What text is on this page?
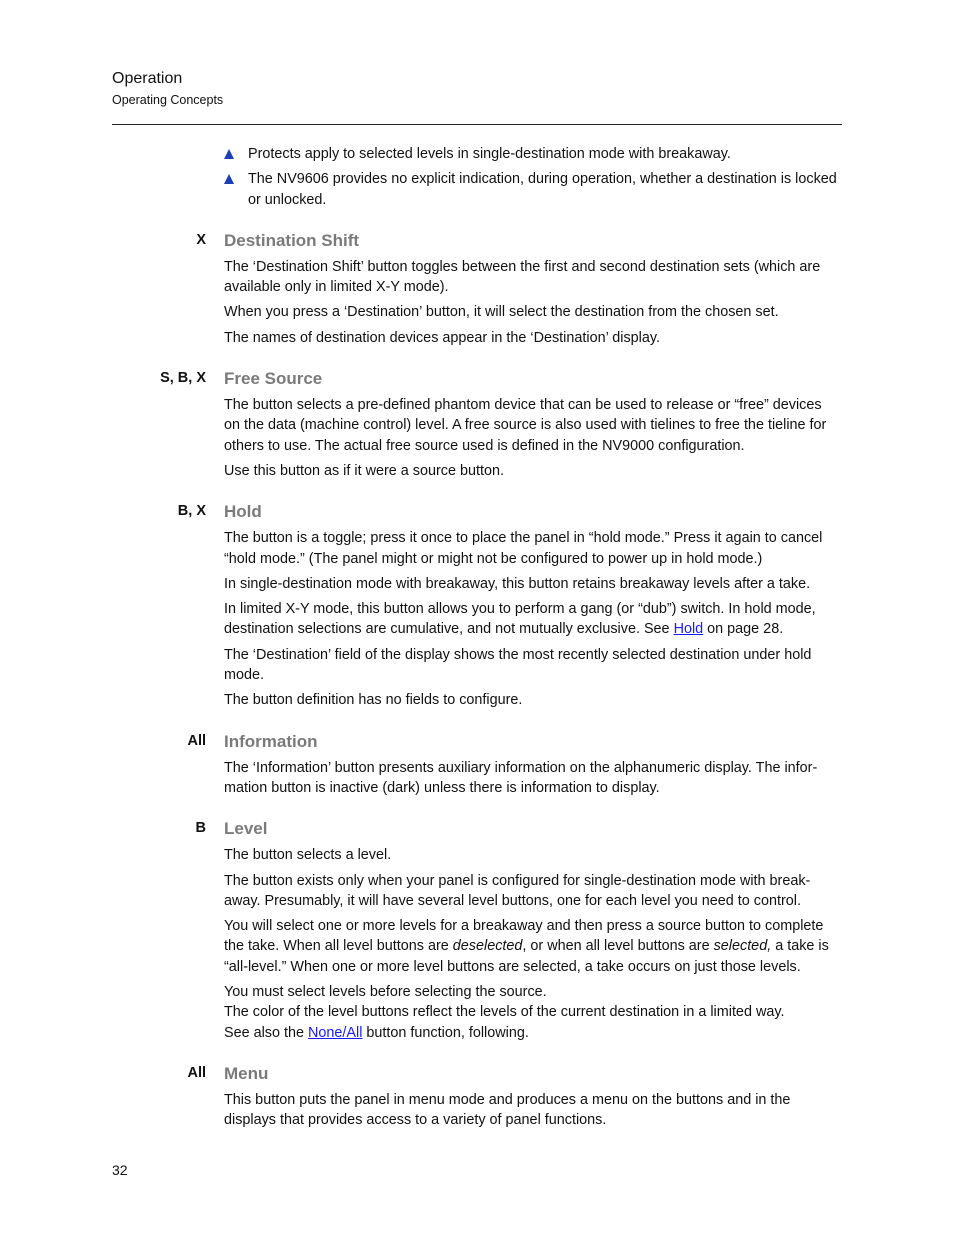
Operation
Operating Concepts
Protects apply to selected levels in single-destination mode with breakaway.
The NV9606 provides no explicit indication, during operation, whether a destination is locked or unlocked.
X Destination Shift

The ‘Destination Shift’ button toggles between the first and second destination sets (which are available only in limited X-Y mode).

When you press a ‘Destination’ button, it will select the destination from the chosen set.

The names of destination devices appear in the ‘Destination’ display.

S, B, X Free Source

The button selects a pre-defined phantom device that can be used to release or “free” devices on the data (machine control) level. A free source is also used with tielines to free the tieline for others to use. The actual free source used is defined in the NV9000 configuration.

Use this button as if it were a source button.

B, X Hold

The button is a toggle; press it once to place the panel in “hold mode.” Press it again to cancel “hold mode.” (The panel might or might not be configured to power up in hold mode.)

In single-destination mode with breakaway, this button retains breakaway levels after a take.

In limited X-Y mode, this button allows you to perform a gang (or “dub”) switch. In hold mode, destination selections are cumulative, and not mutually exclusive. See Hold on page 28.

The ‘Destination’ field of the display shows the most recently selected destination under hold mode.

The button definition has no fields to configure.

All Information

The ‘Information’ button presents auxiliary information on the alphanumeric display. The infor-mation button is inactive (dark) unless there is information to display.

B Level

The button selects a level.

The button exists only when your panel is configured for single-destination mode with break-away. Presumably, it will have several level buttons, one for each level you need to control.

You will select one or more levels for a breakaway and then press a source button to complete the take. When all level buttons are deselected, or when all level buttons are selected, a take is “all-level.” When one or more level buttons are selected, a take occurs on just those levels.

You must select levels before selecting the source.

The color of the level buttons reflect the levels of the current destination in a limited way.

See also the None/All button function, following.

All Menu

This button puts the panel in menu mode and produces a menu on the buttons and in the displays that provides access to a variety of panel functions.

32
